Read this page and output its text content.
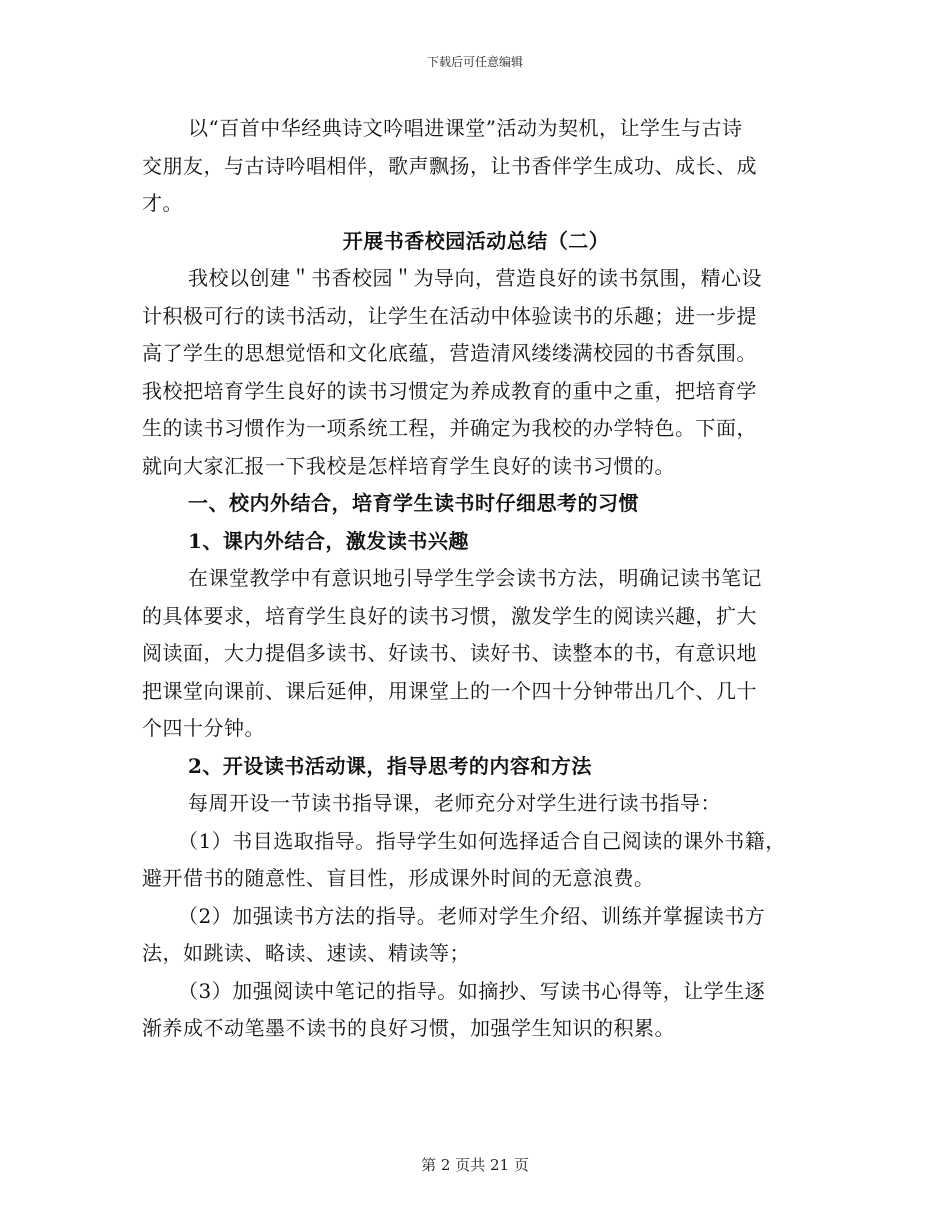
下载后可任意编辑
以“百首中华经典诗文吟唱进课堂”活动为契机，让学生与古诗
交朋友，与古诗吟唱相伴，歌声飘扬，让书香伴学生成功、成长、成
才。
开展书香校园活动总结（二）
我校以创建＂书香校园＂为导向，营造良好的读书氛围，精心设
计积极可行的读书活动，让学生在活动中体验读书的乐趣；进一步提
高了学生的思想觉悟和文化底蕴，营造清风缕缕满校园的书香氛围。
我校把培育学生良好的读书习惯定为养成教育的重中之重，把培育学
生的读书习惯作为一项系统工程，并确定为我校的办学特色。下面，
就向大家汇报一下我校是怎样培育学生良好的读书习惯的。
一、校内外结合，培育学生读书时仔细思考的习惯
1、课内外结合，激发读书兴趣
在课堂教学中有意识地引导学生学会读书方法，明确记读书笔记
的具体要求，培育学生良好的读书习惯，激发学生的阅读兴趣，扩大
阅读面，大力提倡多读书、好读书、读好书、读整本的书，有意识地
把课堂向课前、课后延伸，用课堂上的一个四十分钟带出几个、几十
个四十分钟。
2、开设读书活动课，指导思考的内容和方法
每周开设一节读书指导课，老师充分对学生进行读书指导：
（1）书目选取指导。指导学生如何选择适合自己阅读的课外书籍，
避开借书的随意性、盲目性，形成课外时间的无意浪费。
（2）加强读书方法的指导。老师对学生介绍、训练并掌握读书方
法，如跳读、略读、速读、精读等；
（3）加强阅读中笔记的指导。如摘抄、写读书心得等，让学生逐
渐养成不动笔墨不读书的良好习惯，加强学生知识的积累。
第 2 页共 21 页
